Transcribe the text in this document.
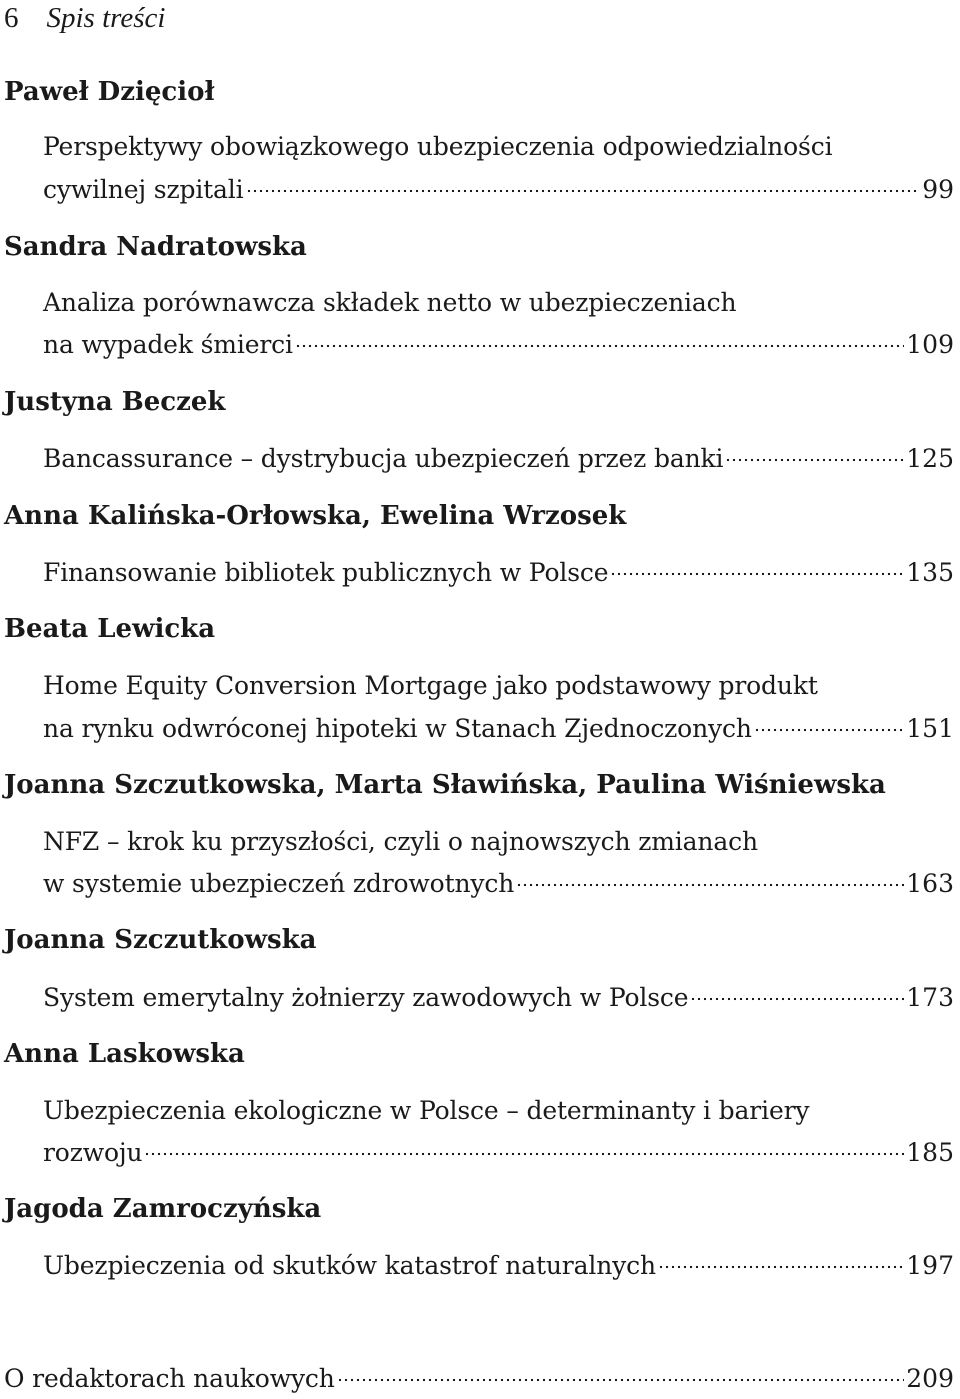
6 Spis treści
Paweł Dzięcioł
Perspektywy obowiązkowego ubezpieczenia odpowiedzialności
cywilnej szpitali	99
Sandra Nadratowska
Analiza porównawcza składek netto w ubezpieczeniach
na wypadek śmierci	109
Justyna Beczek
Bancassurance – dystrybucja ubezpieczeń przez banki	125
Anna Kalińska-Orłowska, Ewelina Wrzosek
Finansowanie bibliotek publicznych w Polsce	135
Beata Lewicka
Home Equity Conversion Mortgage jako podstawowy produkt
na rynku odwróconej hipoteki w Stanach Zjednoczonych	151
Joanna Szczutkowska, Marta Sławińska, Paulina Wiśniewska
NFZ – krok ku przyszłości, czyli o najnowszych zmianach
w systemie ubezpieczeń zdrowotnych	163
Joanna Szczutkowska
System emerytalny żołnierzy zawodowych w Polsce	173
Anna Laskowska
Ubezpieczenia ekologiczne w Polsce – determinanty i bariery
rozwoju	185
Jagoda Zamroczyńska
Ubezpieczenia od skutków katastrof naturalnych	197
O redaktorach naukowych	209
